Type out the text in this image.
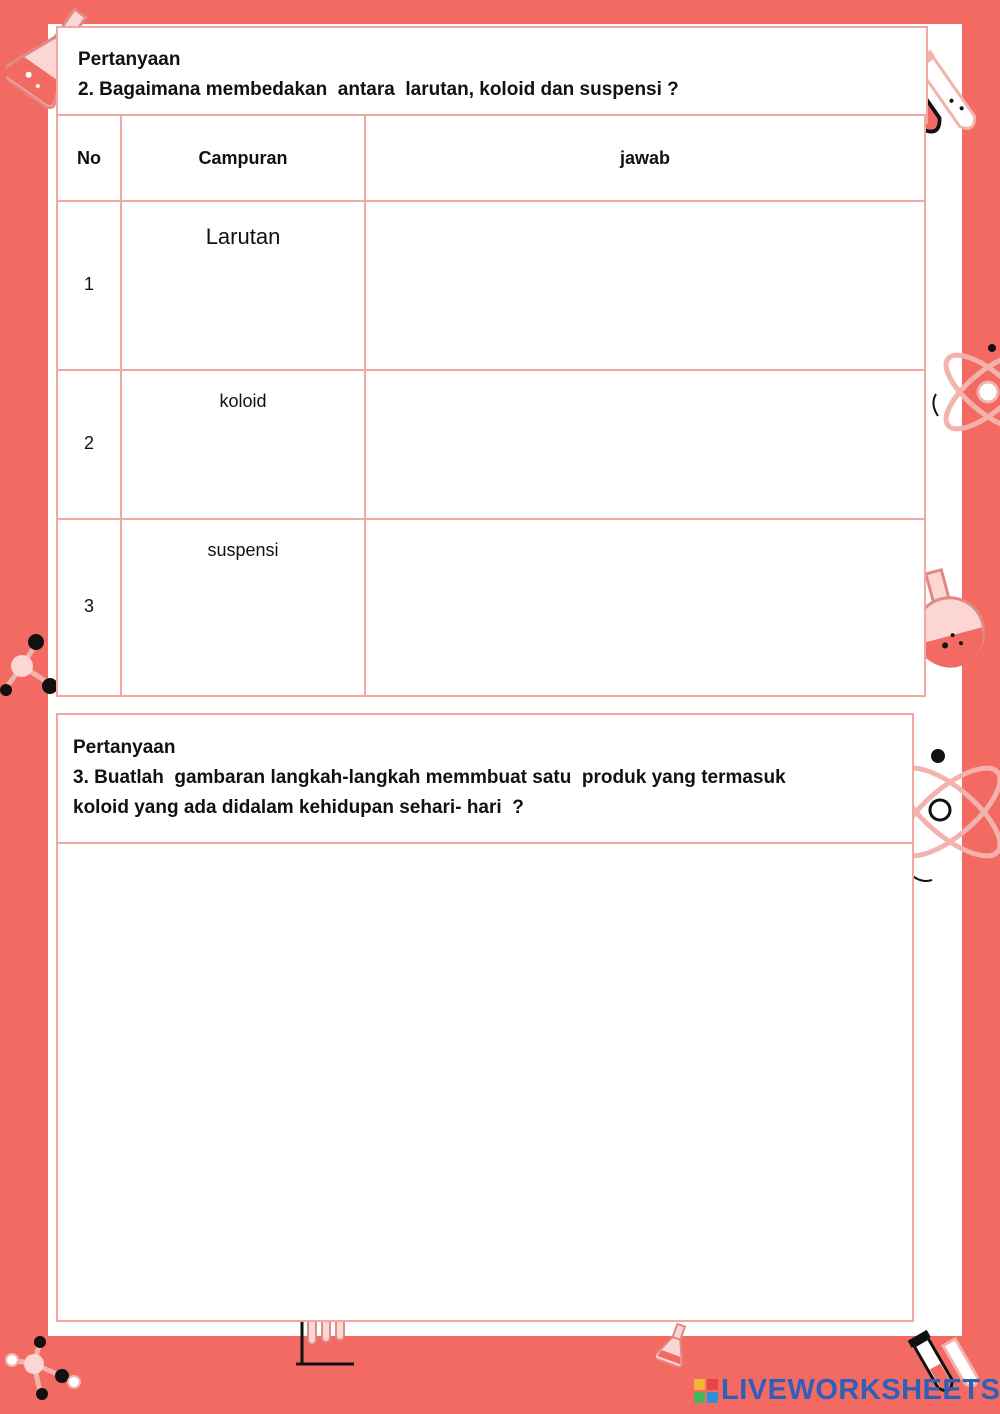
Pertanyaan
2. Bagaimana membedakan  antara  larutan, koloid dan suspensi ?
No	Campuran	jawab

1	Larutan	

2	koloid	

3	suspensi	

Pertanyaan
3. Buatlah  gambaran langkah-langkah memmbuat satu  produk yang termasuk
koloid yang ada didalam kehidupan sehari- hari  ?
LIVEWORKSHEETS
